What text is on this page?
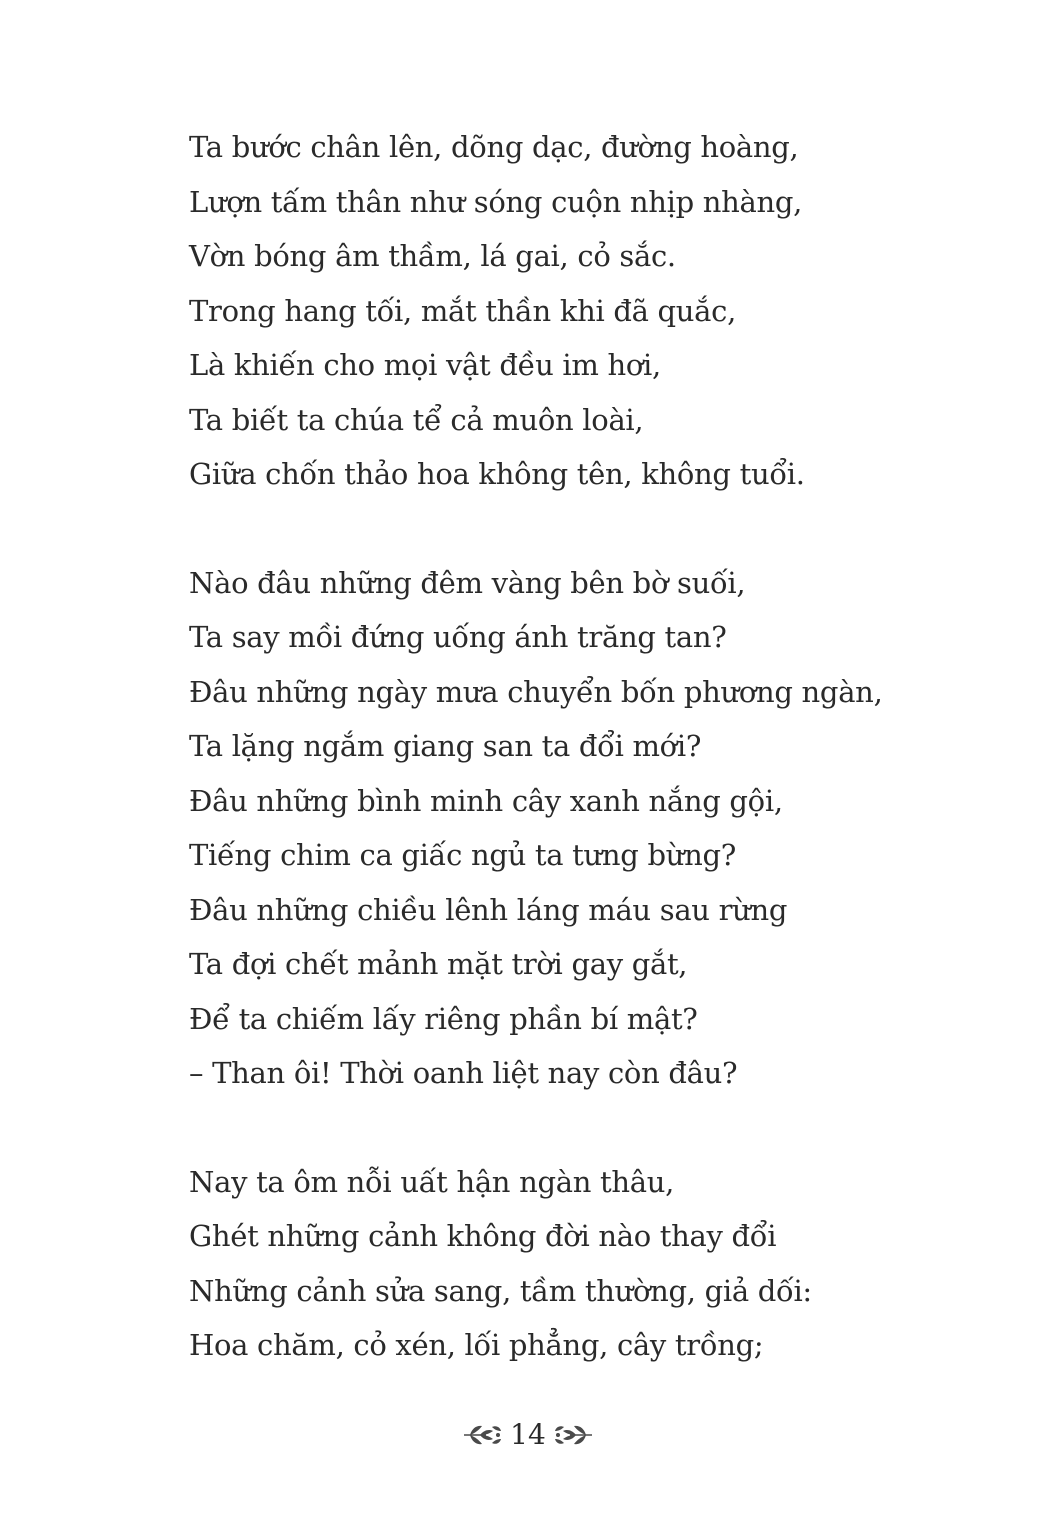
Ta bước chân lên, dõng dạc, đường hoàng,
Lượn tấm thân như sóng cuộn nhịp nhàng,
Vờn bóng âm thầm, lá gai, cỏ sắc.
Trong hang tối, mắt thần khi đã quắc,
Là khiến cho mọi vật đều im hơi,
Ta biết ta chúa tể cả muôn loài,
Giữa chốn thảo hoa không tên, không tuổi.
Nào đâu những đêm vàng bên bờ suối,
Ta say mồi đứng uống ánh trăng tan?
Đâu những ngày mưa chuyển bốn phương ngàn,
Ta lặng ngắm giang san ta đổi mới?
Đâu những bình minh cây xanh nắng gội,
Tiếng chim ca giấc ngủ ta tưng bừng?
Đâu những chiều lênh láng máu sau rừng
Ta đợi chết mảnh mặt trời gay gắt,
Để ta chiếm lấy riêng phần bí mật?
– Than ôi! Thời oanh liệt nay còn đâu?
Nay ta ôm nỗi uất hận ngàn thâu,
Ghét những cảnh không đời nào thay đổi
Những cảnh sửa sang, tầm thường, giả dối:
Hoa chăm, cỏ xén, lối phẳng, cây trồng;
14
